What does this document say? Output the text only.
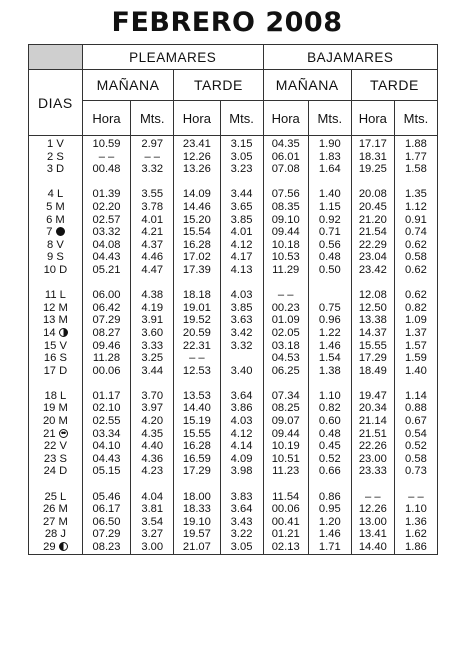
FEBRERO 2008
	PLEAMARES				BAJAMARES			
DIAS	MAÑANA		TARDE		MAÑANA		TARDE	
	Hora	Mts.	Hora	Mts.	Hora	Mts.	Hora	Mts.
1 V	10.59	2.97	23.41	3.15	04.35	1.90	17.17	1.88
2 S	– –	– –	12.26	3.05	06.01	1.83	18.31	1.77
3 D	00.48	3.32	13.26	3.23	07.08	1.64	19.25	1.58

4 L	01.39	3.55	14.09	3.44	07.56	1.40	20.08	1.35
5 M	02.20	3.78	14.46	3.65	08.35	1.15	20.45	1.12
6 M	02.57	4.01	15.20	3.85	09.10	0.92	21.20	0.91
7	03.32	4.21	15.54	4.01	09.44	0.71	21.54	0.74
8 V	04.08	4.37	16.28	4.12	10.18	0.56	22.29	0.62
9 S	04.43	4.46	17.02	4.17	10.53	0.48	23.04	0.58
10 D	05.21	4.47	17.39	4.13	11.29	0.50	23.42	0.62

11 L	06.00	4.38	18.18	4.03	– –		12.08	0.62
12 M	06.42	4.19	19.01	3.85	00.23	0.75	12.50	0.82
13 M	07.29	3.91	19.52	3.63	01.09	0.96	13.38	1.09
14	08.27	3.60	20.59	3.42	02.05	1.22	14.37	1.37
15 V	09.46	3.33	22.31	3.32	03.18	1.46	15.55	1.57
16 S	11.28	3.25	– –		04.53	1.54	17.29	1.59
17 D	00.06	3.44	12.53	3.40	06.25	1.38	18.49	1.40

18 L	01.17	3.70	13.53	3.64	07.34	1.10	19.47	1.14
19 M	02.10	3.97	14.40	3.86	08.25	0.82	20.34	0.88
20 M	02.55	4.20	15.19	4.03	09.07	0.60	21.14	0.67
21	03.34	4.35	15.55	4.12	09.44	0.48	21.51	0.54
22 V	04.10	4.40	16.28	4.14	10.19	0.45	22.26	0.52
23 S	04.43	4.36	16.59	4.09	10.51	0.52	23.00	0.58
24 D	05.15	4.23	17.29	3.98	11.23	0.66	23.33	0.73

25 L	05.46	4.04	18.00	3.83	11.54	0.86	– –	– –
26 M	06.17	3.81	18.33	3.64	00.06	0.95	12.26	1.10
27 M	06.50	3.54	19.10	3.43	00.41	1.20	13.00	1.36
28 J	07.29	3.27	19.57	3.22	01.21	1.46	13.41	1.62
29	08.23	3.00	21.07	3.05	02.13	1.71	14.40	1.86
